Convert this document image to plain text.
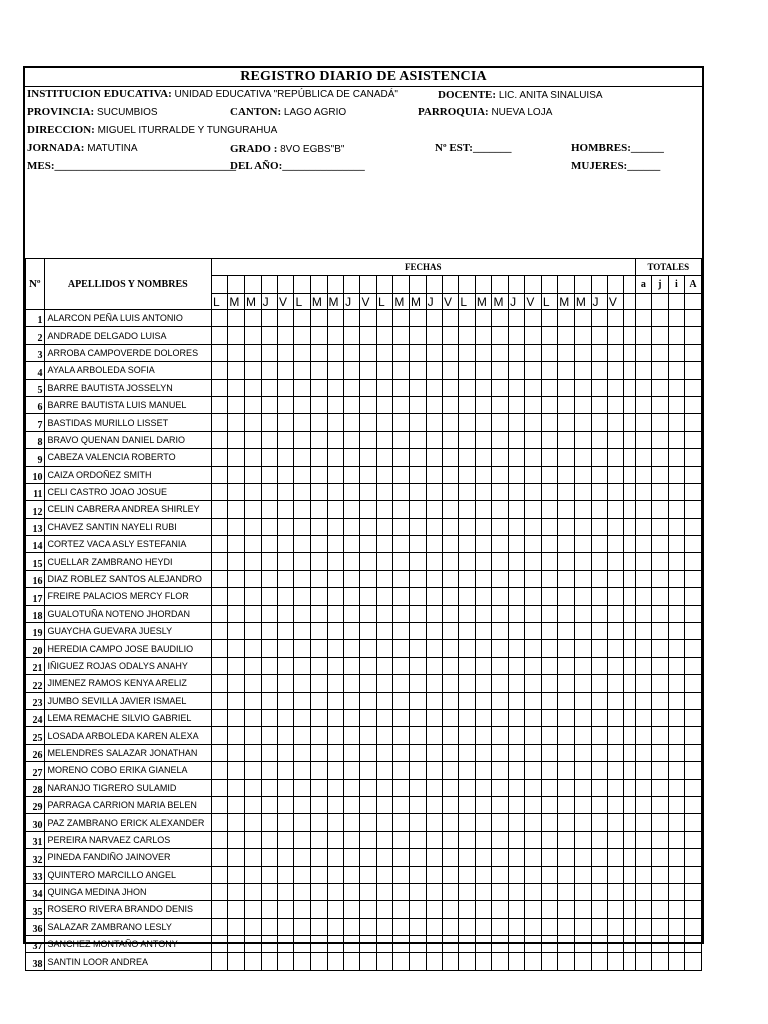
REGISTRO DIARIO DE ASISTENCIA
INSTITUCION EDUCATIVA: UNIDAD EDUCATIVA "REPÚBLICA DE CANADÁ"	DOCENTE: LIC. ANITA SINALUISA
PROVINCIA: SUCUMBIOS	CANTON: LAGO AGRIO	PARROQUIA: NUEVA LOJA
DIRECCION: MIGUEL ITURRALDE Y TUNGURAHUA
JORNADA: MATUTINA	GRADO : 8VO EGBS"B"	Nº EST:_______	HOMBRES:______
MES:_________________________________
DEL AÑO:_______________	MUJERES:______
Nº	APELLIDOS Y NOMBRES	FECHAS																										TOTALES			
																												a	j	i	A
		L	M	M	J	V	L	M	M	J	V	L	M	M	J	V	L	M	M	J	V	L	M	M	J	V					
1	ALARCON PEÑA LUIS ANTONIO																														
2	ANDRADE DELGADO LUISA																														
3	ARROBA CAMPOVERDE DOLORES																														
4	AYALA ARBOLEDA SOFIA																														
5	BARRE BAUTISTA JOSSELYN																														
6	BARRE BAUTISTA LUIS MANUEL																														
7	BASTIDAS MURILLO LISSET																														
8	BRAVO QUENAN DANIEL DARIO																														
9	CABEZA VALENCIA ROBERTO																														
10	CAIZA ORDOÑEZ SMITH																														
11	CELI CASTRO JOAO JOSUE																														
12	CELIN CABRERA ANDREA SHIRLEY																														
13	CHAVEZ SANTIN NAYELI RUBI																														
14	CORTEZ VACA ASLY ESTEFANIA																														
15	CUELLAR ZAMBRANO HEYDI																														
16	DIAZ ROBLEZ SANTOS ALEJANDRO																														
17	FREIRE PALACIOS MERCY FLOR																														
18	GUALOTUÑA NOTENO JHORDAN																														
19	GUAYCHA GUEVARA JUESLY																														
20	HEREDIA CAMPO JOSE BAUDILIO																														
21	IÑIGUEZ ROJAS ODALYS ANAHY																														
22	JIMENEZ RAMOS KENYA ARELIZ																														
23	JUMBO SEVILLA JAVIER ISMAEL																														
24	LEMA REMACHE SILVIO GABRIEL																														
25	LOSADA ARBOLEDA KAREN ALEXA																														
26	MELENDRES SALAZAR JONATHAN																														
27	MORENO COBO ERIKA GIANELA																														
28	NARANJO TIGRERO SULAMID																														
29	PARRAGA CARRION MARIA BELEN																														
30	PAZ ZAMBRANO ERICK ALEXANDER																														
31	PEREIRA NARVAEZ CARLOS																														
32	PINEDA FANDIÑO JAINOVER																														
33	QUINTERO MARCILLO ANGEL																														
34	QUINGA MEDINA JHON																														
35	ROSERO RIVERA BRANDO DENIS																														
36	SALAZAR ZAMBRANO LESLY																														
37	SANCHEZ MONTAÑO ANTONY																														
38	SANTIN LOOR ANDREA																														
